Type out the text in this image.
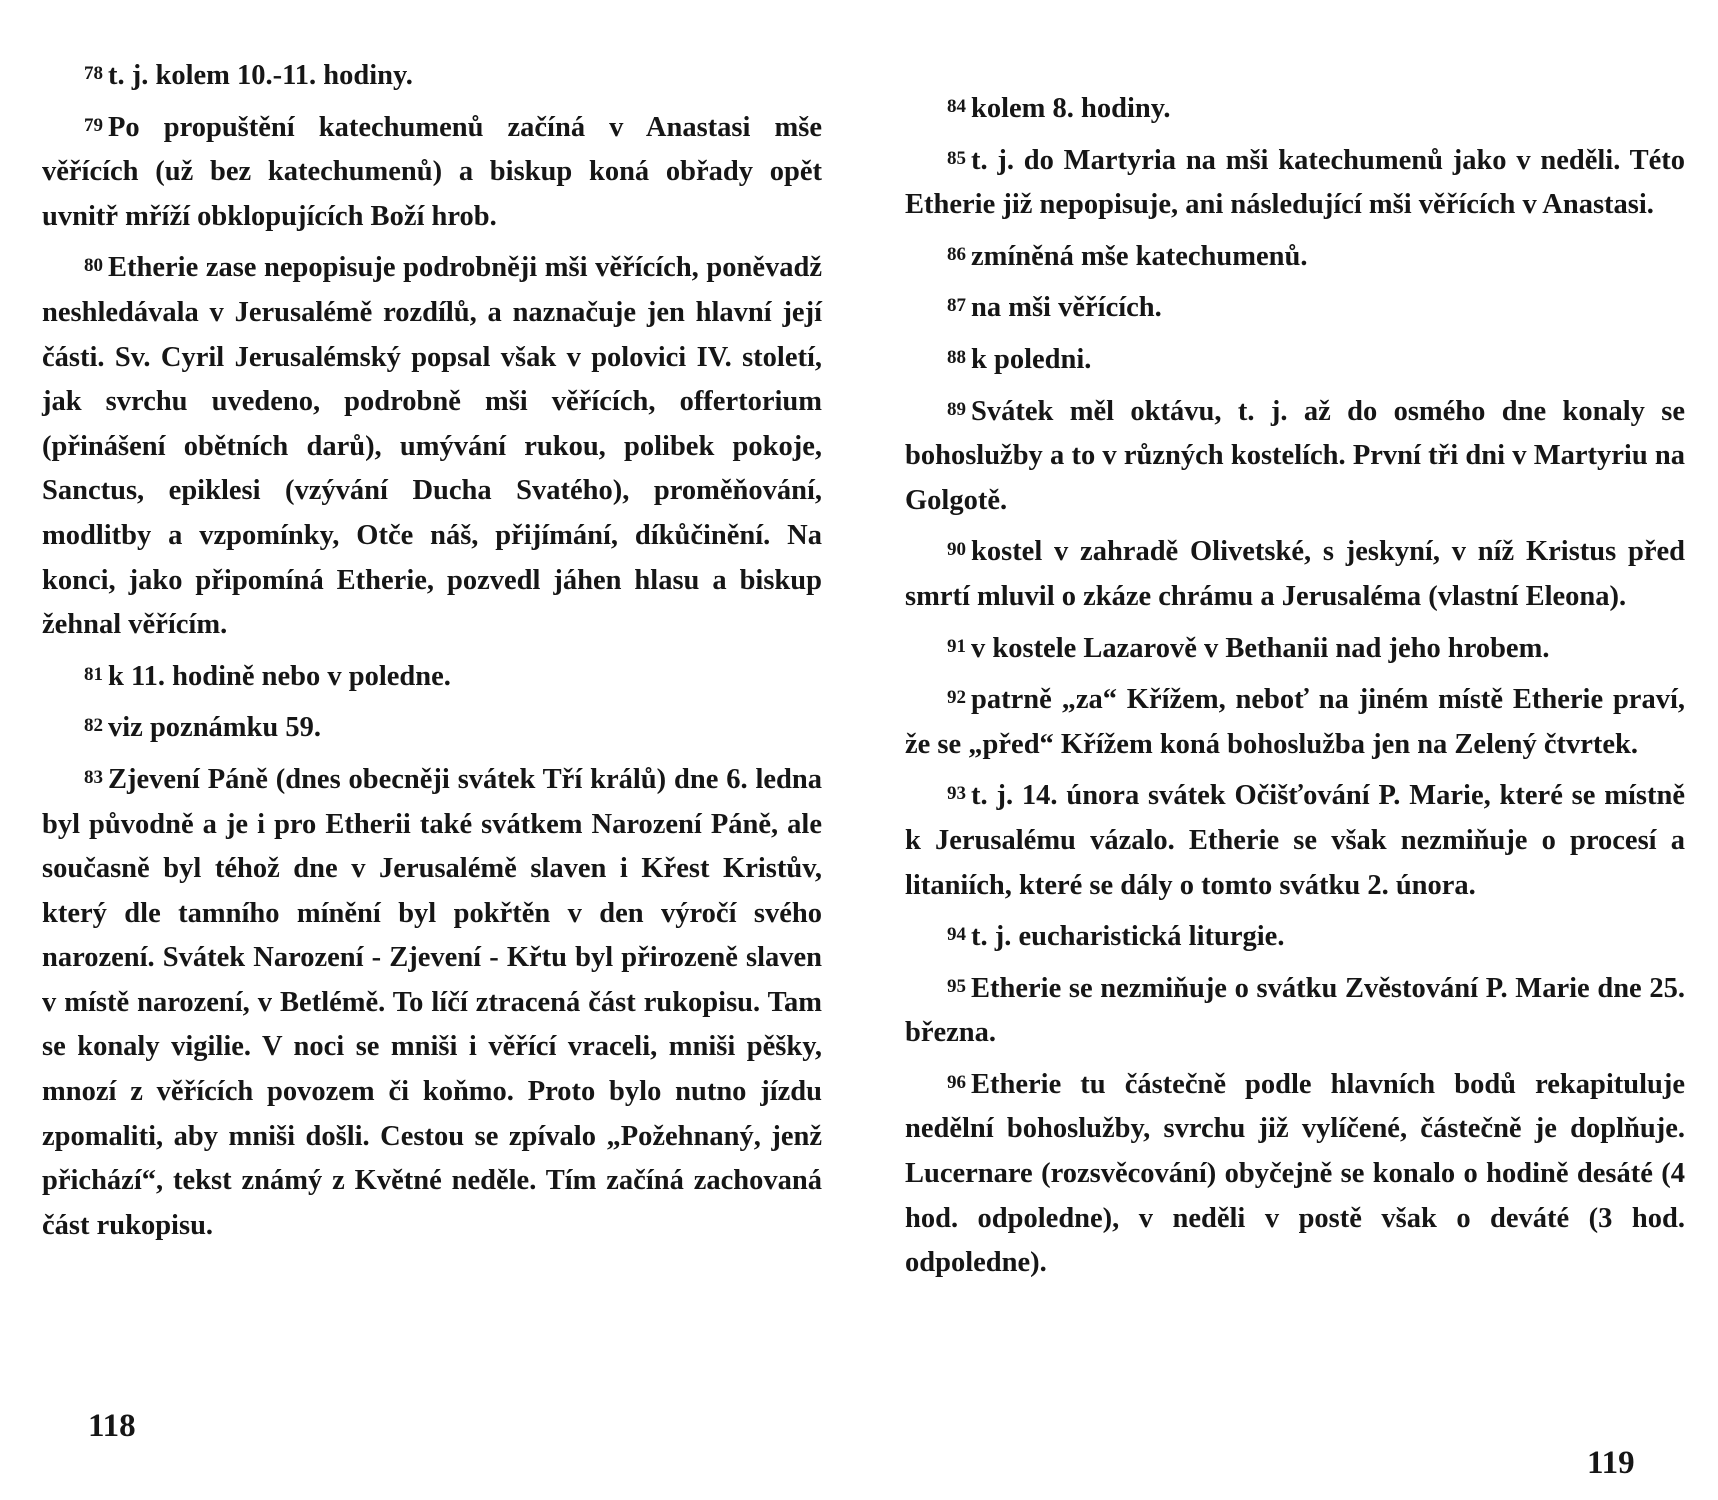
78 t. j. kolem 10.-11. hodiny.

79 Po propuštění katechumenů začíná v Anastasi mše věřících (už bez katechumenů) a biskup koná obřady opět uvnitř mříží obklopujících Boží hrob.

80 Etherie zase nepopisuje podrobněji mši věřících, poněvadž neshledávala v Jerusalémě rozdílů, a naznačuje jen hlavní její části. Sv. Cyril Jerusalémský popsal však v polovici IV. století, jak svrchu uvedeno, podrobně mši věřících, offertorium (přinášení obětních darů), umývání rukou, polibek pokoje, Sanctus, epiklesi (vzývání Ducha Svatého), proměňování, modlitby a vzpomínky, Otče náš, přijímání, díkůčinění. Na konci, jako připomíná Etherie, pozvedl jáhen hlasu a biskup žehnal věřícím.

81 k 11. hodině nebo v poledne.

82 viz poznámku 59.

83 Zjevení Páně (dnes obecněji svátek Tří králů) dne 6. ledna byl původně a je i pro Etherii také svátkem Narození Páně, ale současně byl téhož dne v Jerusalémě slaven i Křest Kristův, který dle tamního mínění byl pokřtěn v den výročí svého narození. Svátek Narození - Zjevení - Křtu byl přirozeně slaven v místě narození, v Betlémě. To líčí ztracená část rukopisu. Tam se konaly vigilie. V noci se mniši i věřící vraceli, mniši pěšky, mnozí z věřících povozem či koňmo. Proto bylo nutno jízdu zpomaliti, aby mniši došli. Cestou se zpívalo „Požehnaný, jenž přichází“, tekst známý z Květné neděle. Tím začíná zachovaná část rukopisu.

118

84 kolem 8. hodiny.

85 t. j. do Martyria na mši katechumenů jako v neděli. Této Etherie již nepopisuje, ani následující mši věřících v Anastasi.

86 zmíněná mše katechumenů.

87 na mši věřících.

88 k poledni.

89 Svátek měl oktávu, t. j. až do osmého dne konaly se bohoslužby a to v různých kostelích. První tři dni v Martyriu na Golgotě.

90 kostel v zahradě Olivetské, s jeskyní, v níž Kristus před smrtí mluvil o zkáze chrámu a Jerusaléma (vlastní Eleona).

91 v kostele Lazarově v Bethanii nad jeho hrobem.

92 patrně „za“ Křížem, neboť na jiném místě Etherie praví, že se „před“ Křížem koná bohoslužba jen na Zelený čtvrtek.

93 t. j. 14. února svátek Očišťování P. Marie, které se místně k Jerusalému vázalo. Etherie se však nezmiňuje o procesí a litaniích, které se dály o tomto svátku 2. února.

94 t. j. eucharistická liturgie.

95 Etherie se nezmiňuje o svátku Zvěstování P. Marie dne 25. března.

96 Etherie tu částečně podle hlavních bodů rekapituluje nedělní bohoslužby, svrchu již vylíčené, částečně je doplňuje. Lucernare (rozsvěcování) obyčejně se konalo o hodině desáté (4 hod. odpoledne), v neděli v postě však o deváté (3 hod. odpoledne).

119
